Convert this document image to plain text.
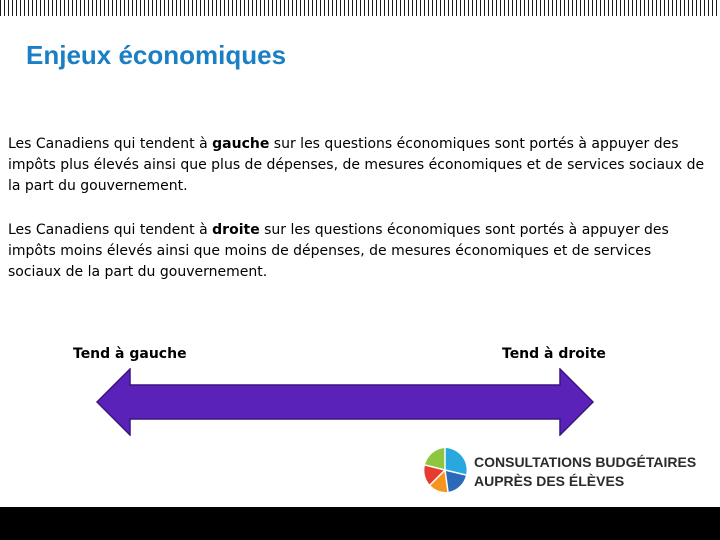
Enjeux économiques
Les Canadiens qui tendent à gauche sur les questions économiques sont portés à appuyer des impôts plus élevés ainsi que plus de dépenses, de mesures économiques et de services sociaux de la part du gouvernement.
Les Canadiens qui tendent à droite sur les questions économiques sont portés à appuyer des impôts moins élevés ainsi que moins de dépenses, de mesures économiques et de services sociaux de la part du gouvernement.
Tend à gauche	Tend à droite
CONSULTATIONS BUDGÉTAIRES
AUPRÈS DES ÉLÈVES
